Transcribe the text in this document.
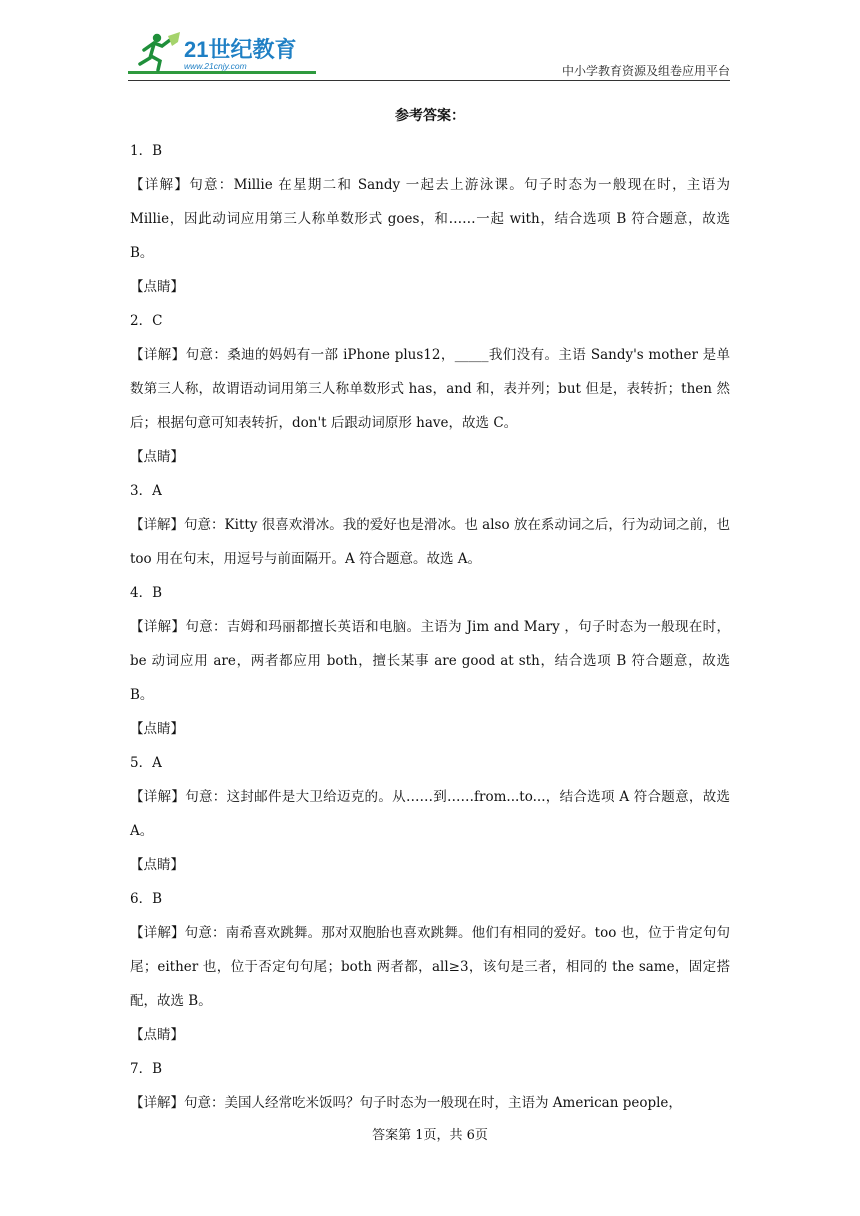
21世纪教育
www.21cnjy.com	中小学教育资源及组卷应用平台
参考答案：
1．B
【详解】句意：Millie 在星期二和 Sandy 一起去上游泳课。句子时态为一般现在时，主语为 Millie，因此动词应用第三人称单数形式 goes，和……一起 with，结合选项 B 符合题意，故选 B。
【点睛】
2．C
【详解】句意：桑迪的妈妈有一部 iPhone plus12，_____我们没有。主语 Sandy's mother 是单数第三人称，故谓语动词用第三人称单数形式 has，and 和，表并列；but 但是，表转折；then 然后；根据句意可知表转折，don't 后跟动词原形 have，故选 C。
【点睛】
3．A
【详解】句意：Kitty 很喜欢滑冰。我的爱好也是滑冰。也 also 放在系动词之后，行为动词之前，也 too 用在句末，用逗号与前面隔开。A 符合题意。故选 A。
4．B
【详解】句意：吉姆和玛丽都擅长英语和电脑。主语为 Jim and Mary ，句子时态为一般现在时，be 动词应用 are，两者都应用 both，擅长某事 are good at sth，结合选项 B 符合题意，故选 B。
【点睛】
5．A
【详解】句意：这封邮件是大卫给迈克的。从……到……from...to...，结合选项 A 符合题意，故选 A。
【点睛】
6．B
【详解】句意：南希喜欢跳舞。那对双胞胎也喜欢跳舞。他们有相同的爱好。too 也，位于肯定句句尾；either 也，位于否定句句尾；both 两者都，all≥3，该句是三者，相同的 the same，固定搭配，故选 B。
【点睛】
7．B
【详解】句意：美国人经常吃米饭吗？句子时态为一般现在时，主语为 American people，
答案第 1页，共 6页
